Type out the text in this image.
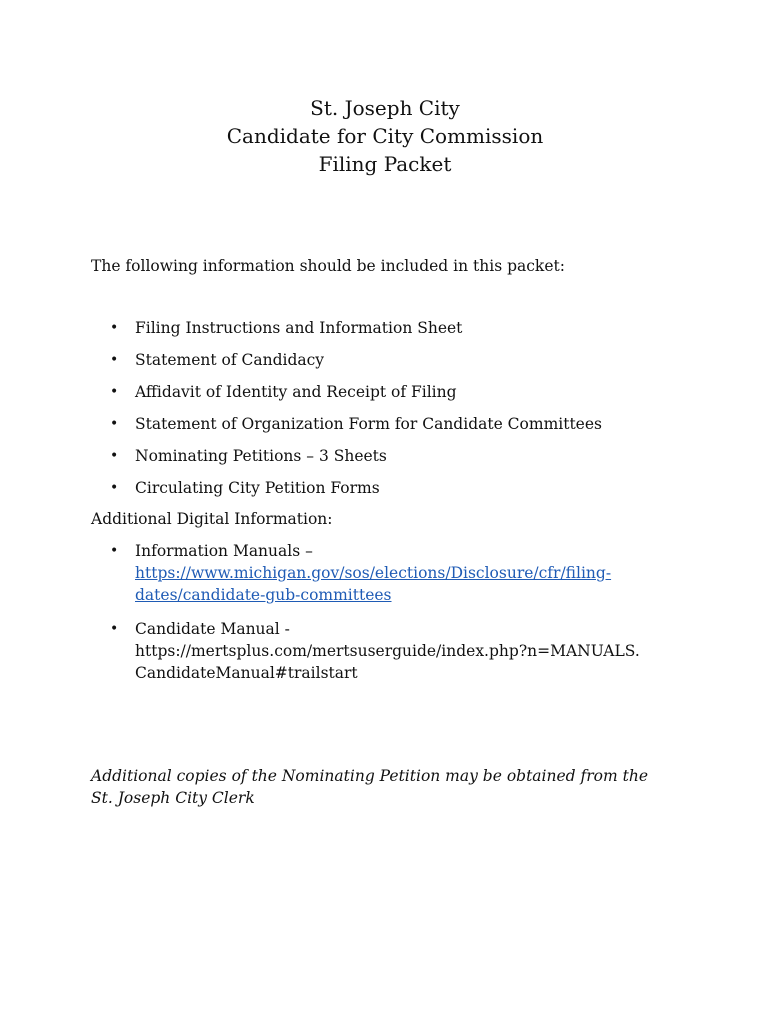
St. Joseph City
Candidate for City Commission
Filing Packet
The following information should be included in this packet:
•	Filing Instructions and Information Sheet
•	Statement of Candidacy
•	Affidavit of Identity and Receipt of Filing
•	Statement of Organization Form for Candidate Committees
•	Nominating Petitions – 3 Sheets
•	Circulating City Petition Forms
Additional Digital Information:
•	Information Manuals –
https://www.michigan.gov/sos/elections/Disclosure/cfr/filing-
dates/candidate-gub-committees
•	Candidate Manual -
https://mertsplus.com/mertsuserguide/index.php?n=MANUALS.
CandidateManual#trailstart
Additional copies of the Nominating Petition may be obtained from the St. Joseph City Clerk
